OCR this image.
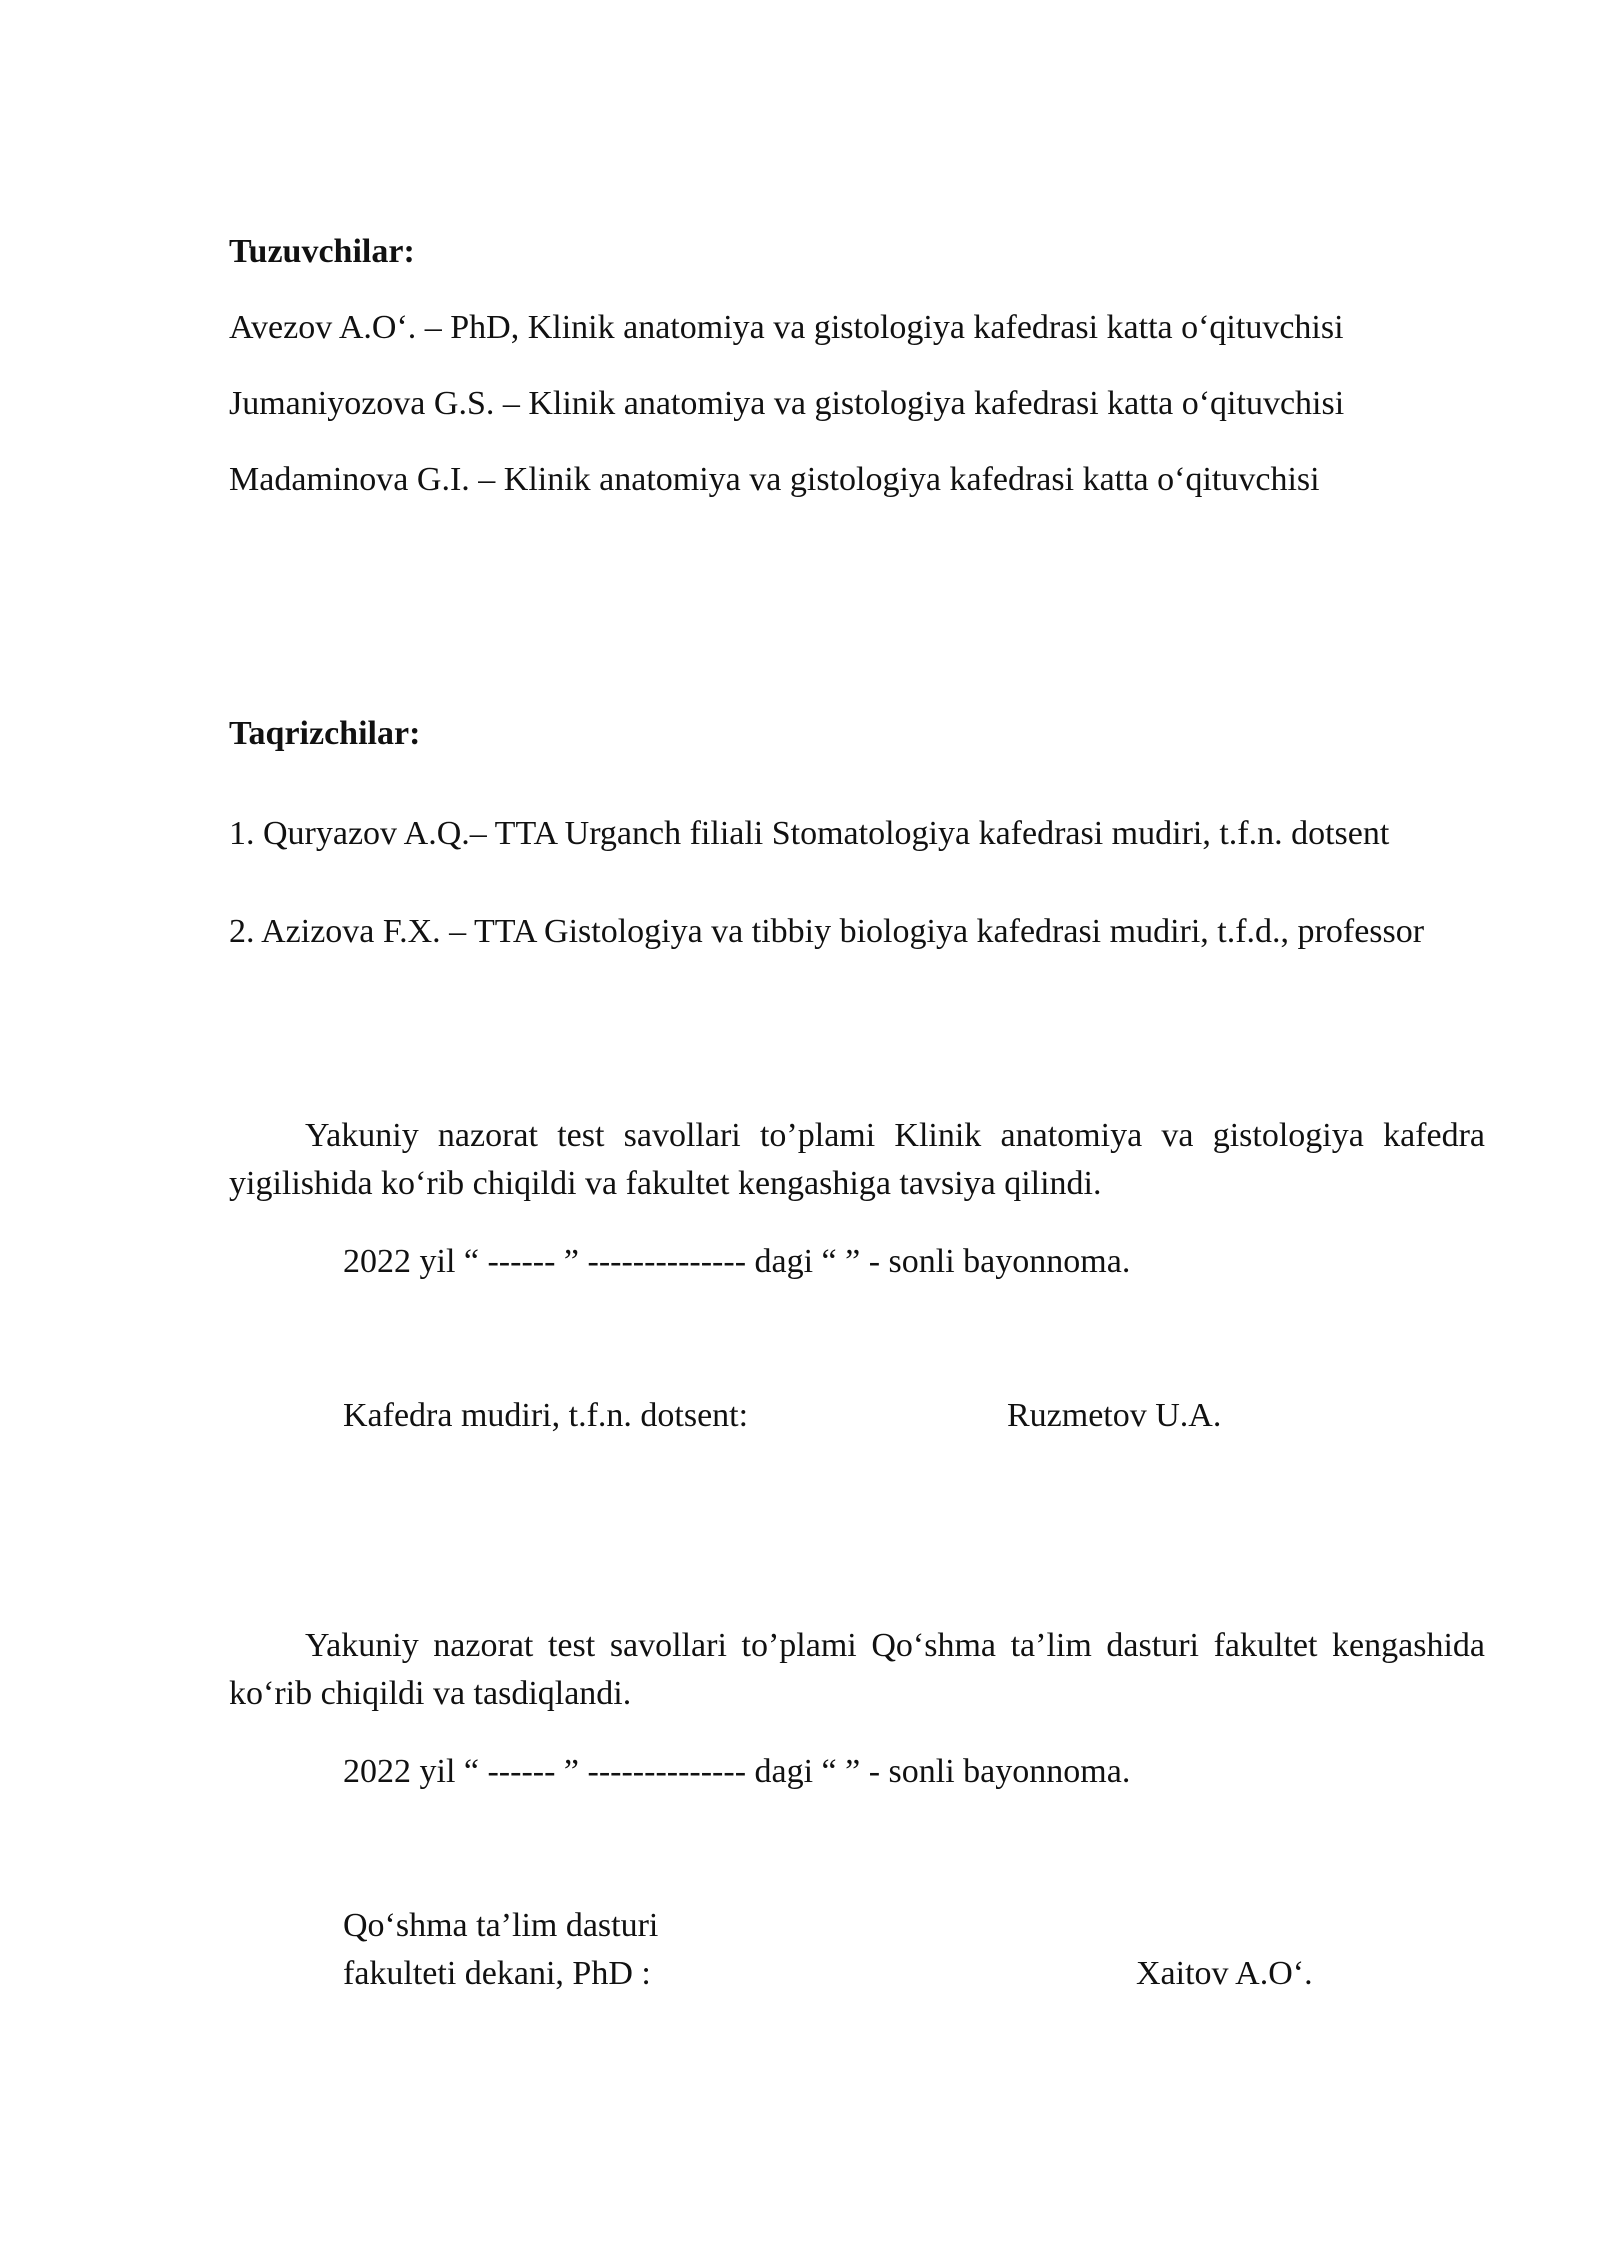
Tuzuvchilar:
Avezov A.O‘. – PhD, Klinik anatomiya va gistologiya kafedrasi katta o‘qituvchisi
Jumaniyozova G.S. – Klinik anatomiya va gistologiya kafedrasi katta o‘qituvchisi
Madaminova G.I. – Klinik anatomiya va gistologiya kafedrasi katta o‘qituvchisi
Taqrizchilar:
1. Quryazov A.Q.– TTA Urganch filiali Stomatologiya kafedrasi mudiri, t.f.n. dotsent
2. Azizova F.X. – TTA Gistologiya va tibbiy biologiya kafedrasi mudiri, t.f.d., professor
Yakuniy nazorat test savollari to’plami Klinik anatomiya va gistologiya kafedra yigilishida ko‘rib chiqildi va fakultet kengashiga tavsiya qilindi.
2022 yil “ ------ ” -------------- dagi “ ” - sonli bayonnoma.
Kafedra mudiri, t.f.n. dotsent:	Ruzmetov U.A.
Yakuniy nazorat test savollari to’plami Qo‘shma ta’lim dasturi fakultet kengashida ko‘rib chiqildi va tasdiqlandi.
2022 yil “ ------ ” -------------- dagi “ ” - sonli bayonnoma.
Qo‘shma ta’lim dasturi
fakulteti dekani, PhD :	Xaitov A.O‘.
